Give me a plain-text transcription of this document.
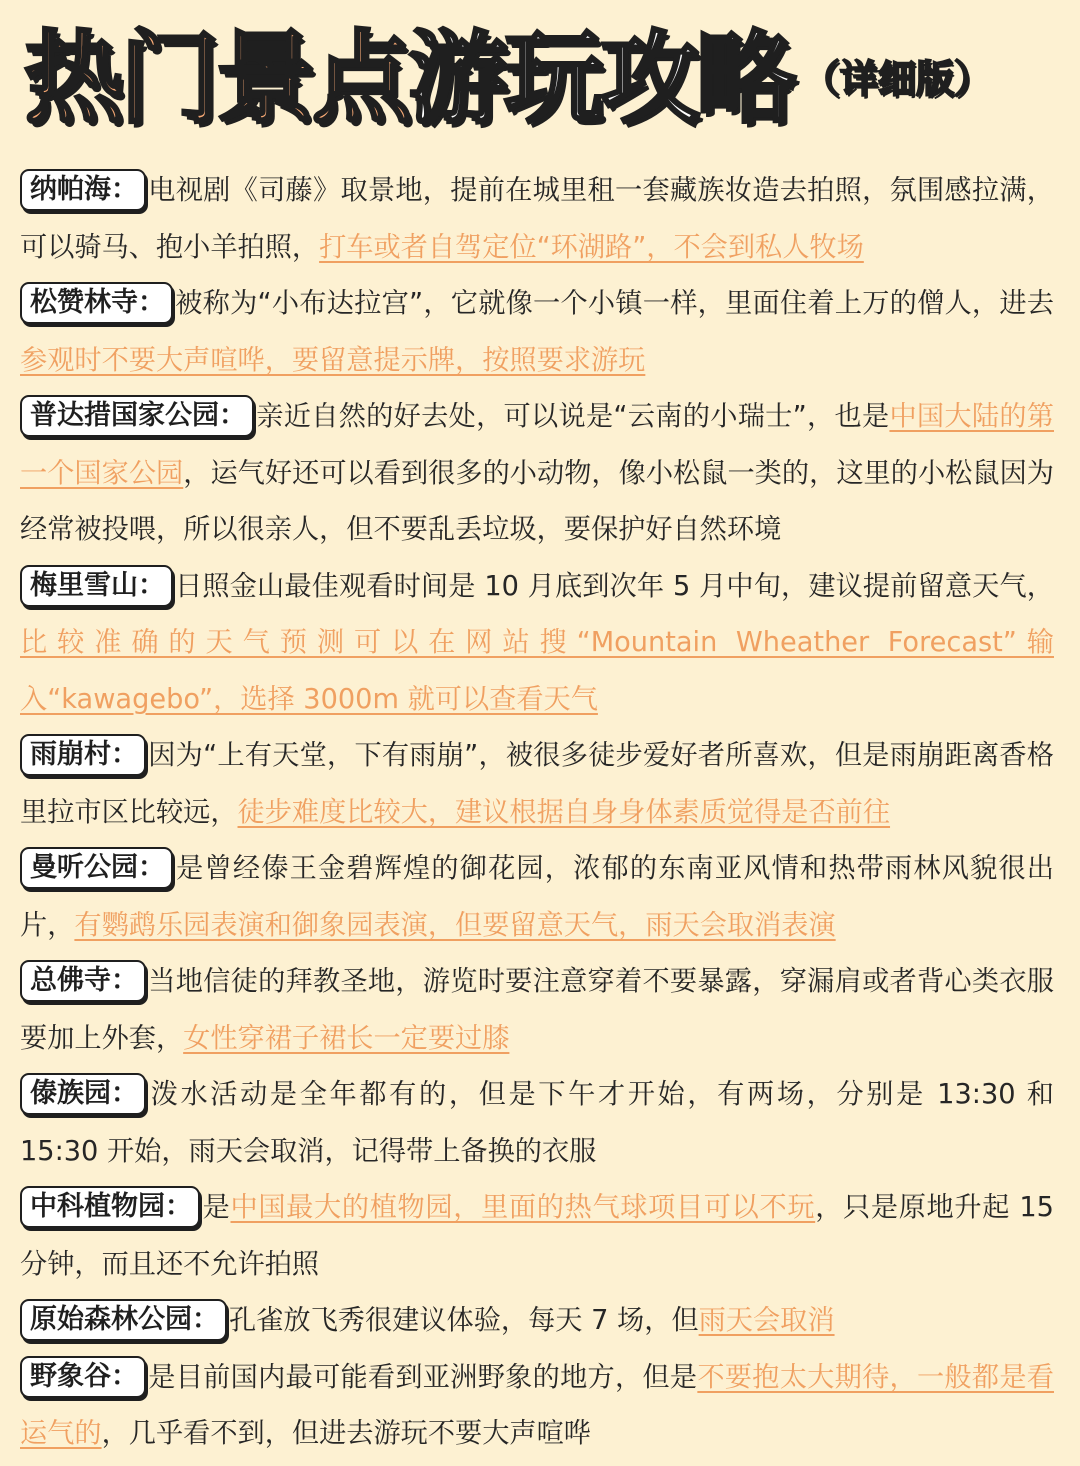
热门景点游玩攻略 （详细版）

纳帕海： 电视剧《司藤》取景地，提前在城里租一套藏族妆造去拍照，氛围感拉满，可以骑马、抱小羊拍照，打车或者自驾定位“环湖路”，不会到私人牧场

松赞林寺： 被称为“小布达拉宫”，它就像一个小镇一样，里面住着上万的僧人，进去参观时不要大声喧哗，要留意提示牌，按照要求游玩

普达措国家公园： 亲近自然的好去处，可以说是“云南的小瑞士”，也是中国大陆的第一个国家公园，运气好还可以看到很多的小动物，像小松鼠一类的，这里的小松鼠因为经常被投喂，所以很亲人，但不要乱丢垃圾，要保护好自然环境

梅里雪山： 日照金山最佳观看时间是 10 月底到次年 5 月中旬，建议提前留意天气，比较准确的天气预测可以在网站搜“Mountain Wheather Forecast”输入“kawagebo”，选择 3000m 就可以查看天气

雨崩村： 因为“上有天堂，下有雨崩”，被很多徒步爱好者所喜欢，但是雨崩距离香格里拉市区比较远，徒步难度比较大，建议根据自身身体素质觉得是否前往

曼听公园： 是曾经傣王金碧辉煌的御花园，浓郁的东南亚风情和热带雨林风貌很出片，有鹦鹉乐园表演和御象园表演，但要留意天气，雨天会取消表演

总佛寺： 当地信徒的拜教圣地，游览时要注意穿着不要暴露，穿漏肩或者背心类衣服要加上外套，女性穿裙子裙长一定要过膝

傣族园： 泼水活动是全年都有的，但是下午才开始，有两场，分别是 13:30 和 15:30 开始，雨天会取消，记得带上备换的衣服

中科植物园： 是中国最大的植物园，里面的热气球项目可以不玩，只是原地升起 15 分钟，而且还不允许拍照

原始森林公园： 孔雀放飞秀很建议体验，每天 7 场，但雨天会取消

野象谷： 是目前国内最可能看到亚洲野象的地方，但是不要抱太大期待，一般都是看运气的，几乎看不到，但进去游玩不要大声喧哗
